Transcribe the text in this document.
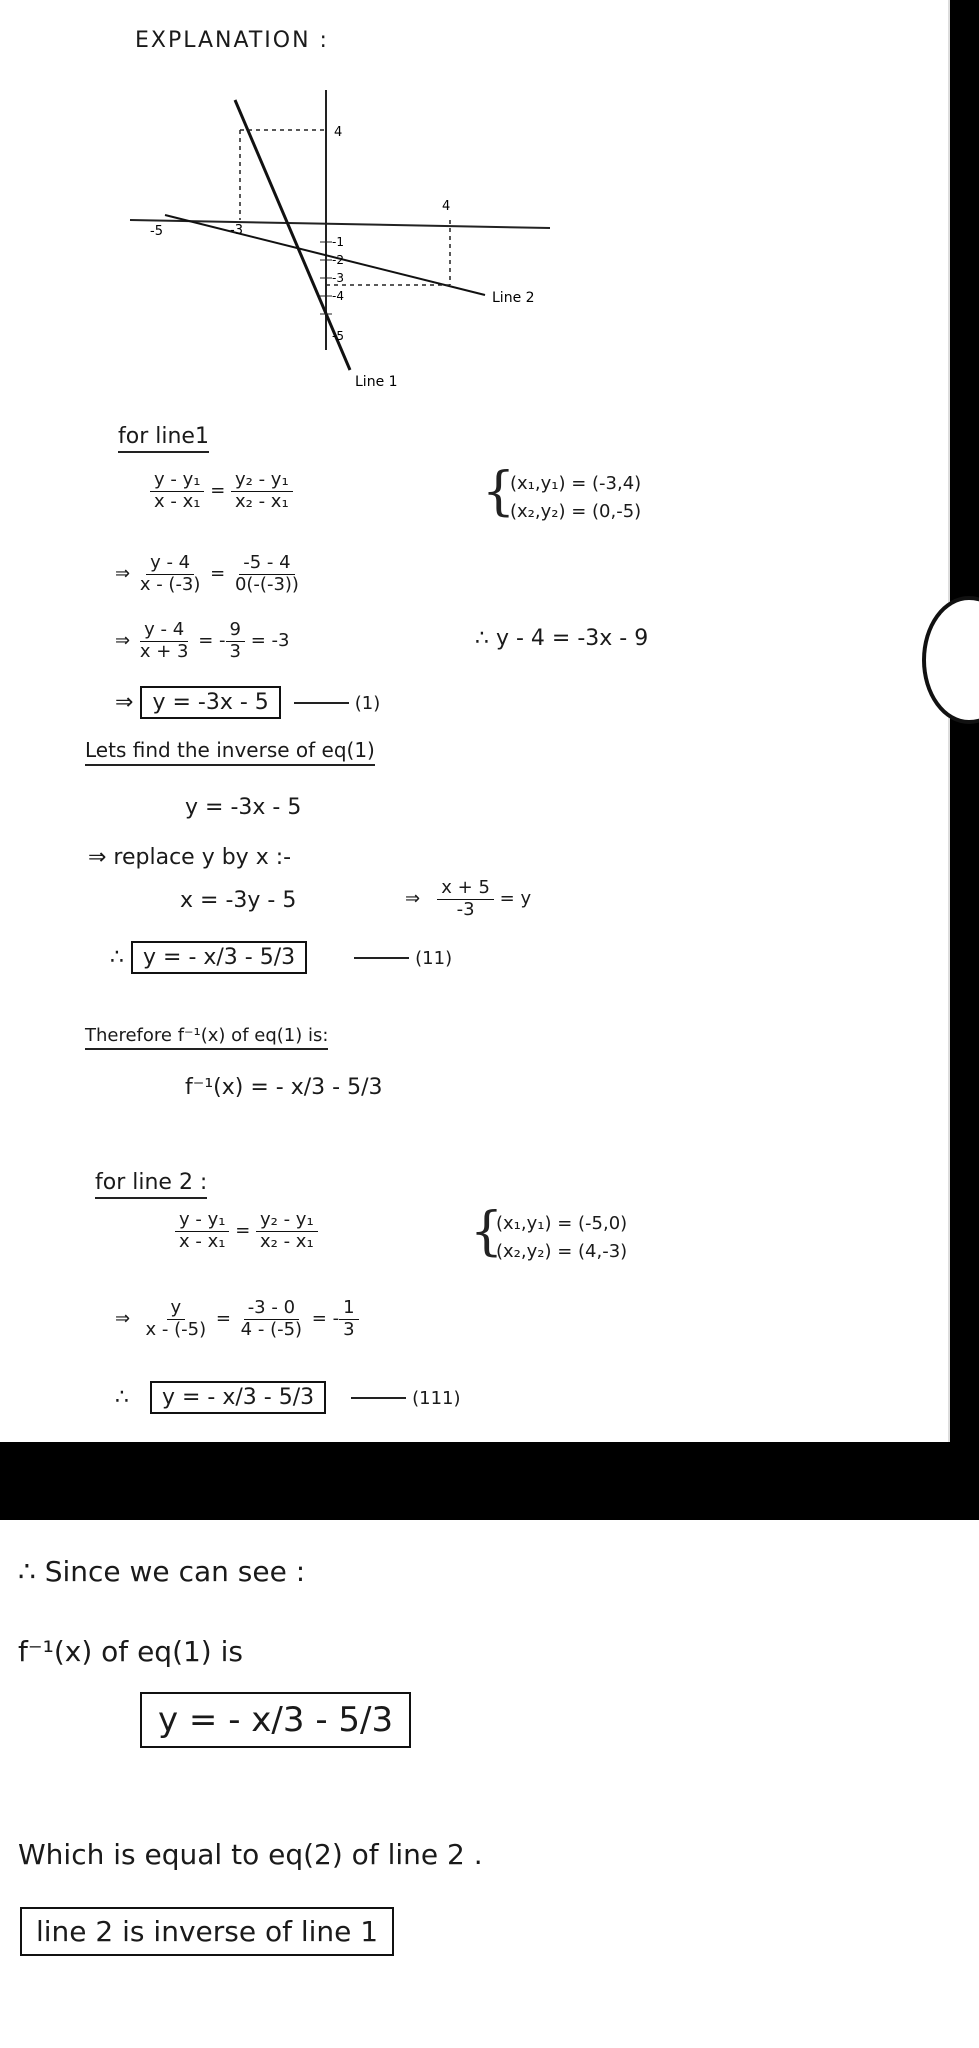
EXPLANATION :
-5	-3
4
-1
-2
-3
-4
-5
4
Line 2
Line 1
for line1
$\frac{\text{y - y₁}}{\text{x - x₁}} = \frac{\text{y₂ - y₁}}{\text{x₂ - x₁}}$	{
(x₁,y₁) = (-3,4)
(x₂,y₂) = (0,-5)
⇒ $\frac{y - 4}{x - (-3)} = \frac{-5 - 4}{0(-(-3))}$
⇒ $\frac{y - 4}{x + 3}$ = - $\frac{9}{3} = -3$	∴ y - 4 = -3x - 9
⇒ y = -3x - 5	(1)
Lets find the inverse of eq(1)
y = -3x - 5
⇒ replace y by x :-
x = -3y - 5	⇒ $\frac{x + 5}{-3} = y$
∴ y = - x/3 - 5/3	(11)
Therefore f⁻¹(x) of eq(1) is:
f⁻¹(x) = - x/3 - 5/3
for line 2 :
$\frac{\text{y - y₁}}{\text{x - x₁}} = \frac{\text{y₂ - y₁}}{\text{x₂ - x₁}}$	{
(x₁,y₁) = (-5,0)
(x₂,y₂) = (4,-3)
⇒ $\frac{y}{x - (-5)} = \frac{-3 - 0}{4 - (-5)}$ = - $\frac{1}{3}$
∴ y = - x/3 - 5/3	(111)
∴ Since we can see :
f⁻¹(x) of eq(1) is
y = - x/3 - 5/3
Which is equal to eq(2) of line 2 .
line 2 is inverse of line 1
